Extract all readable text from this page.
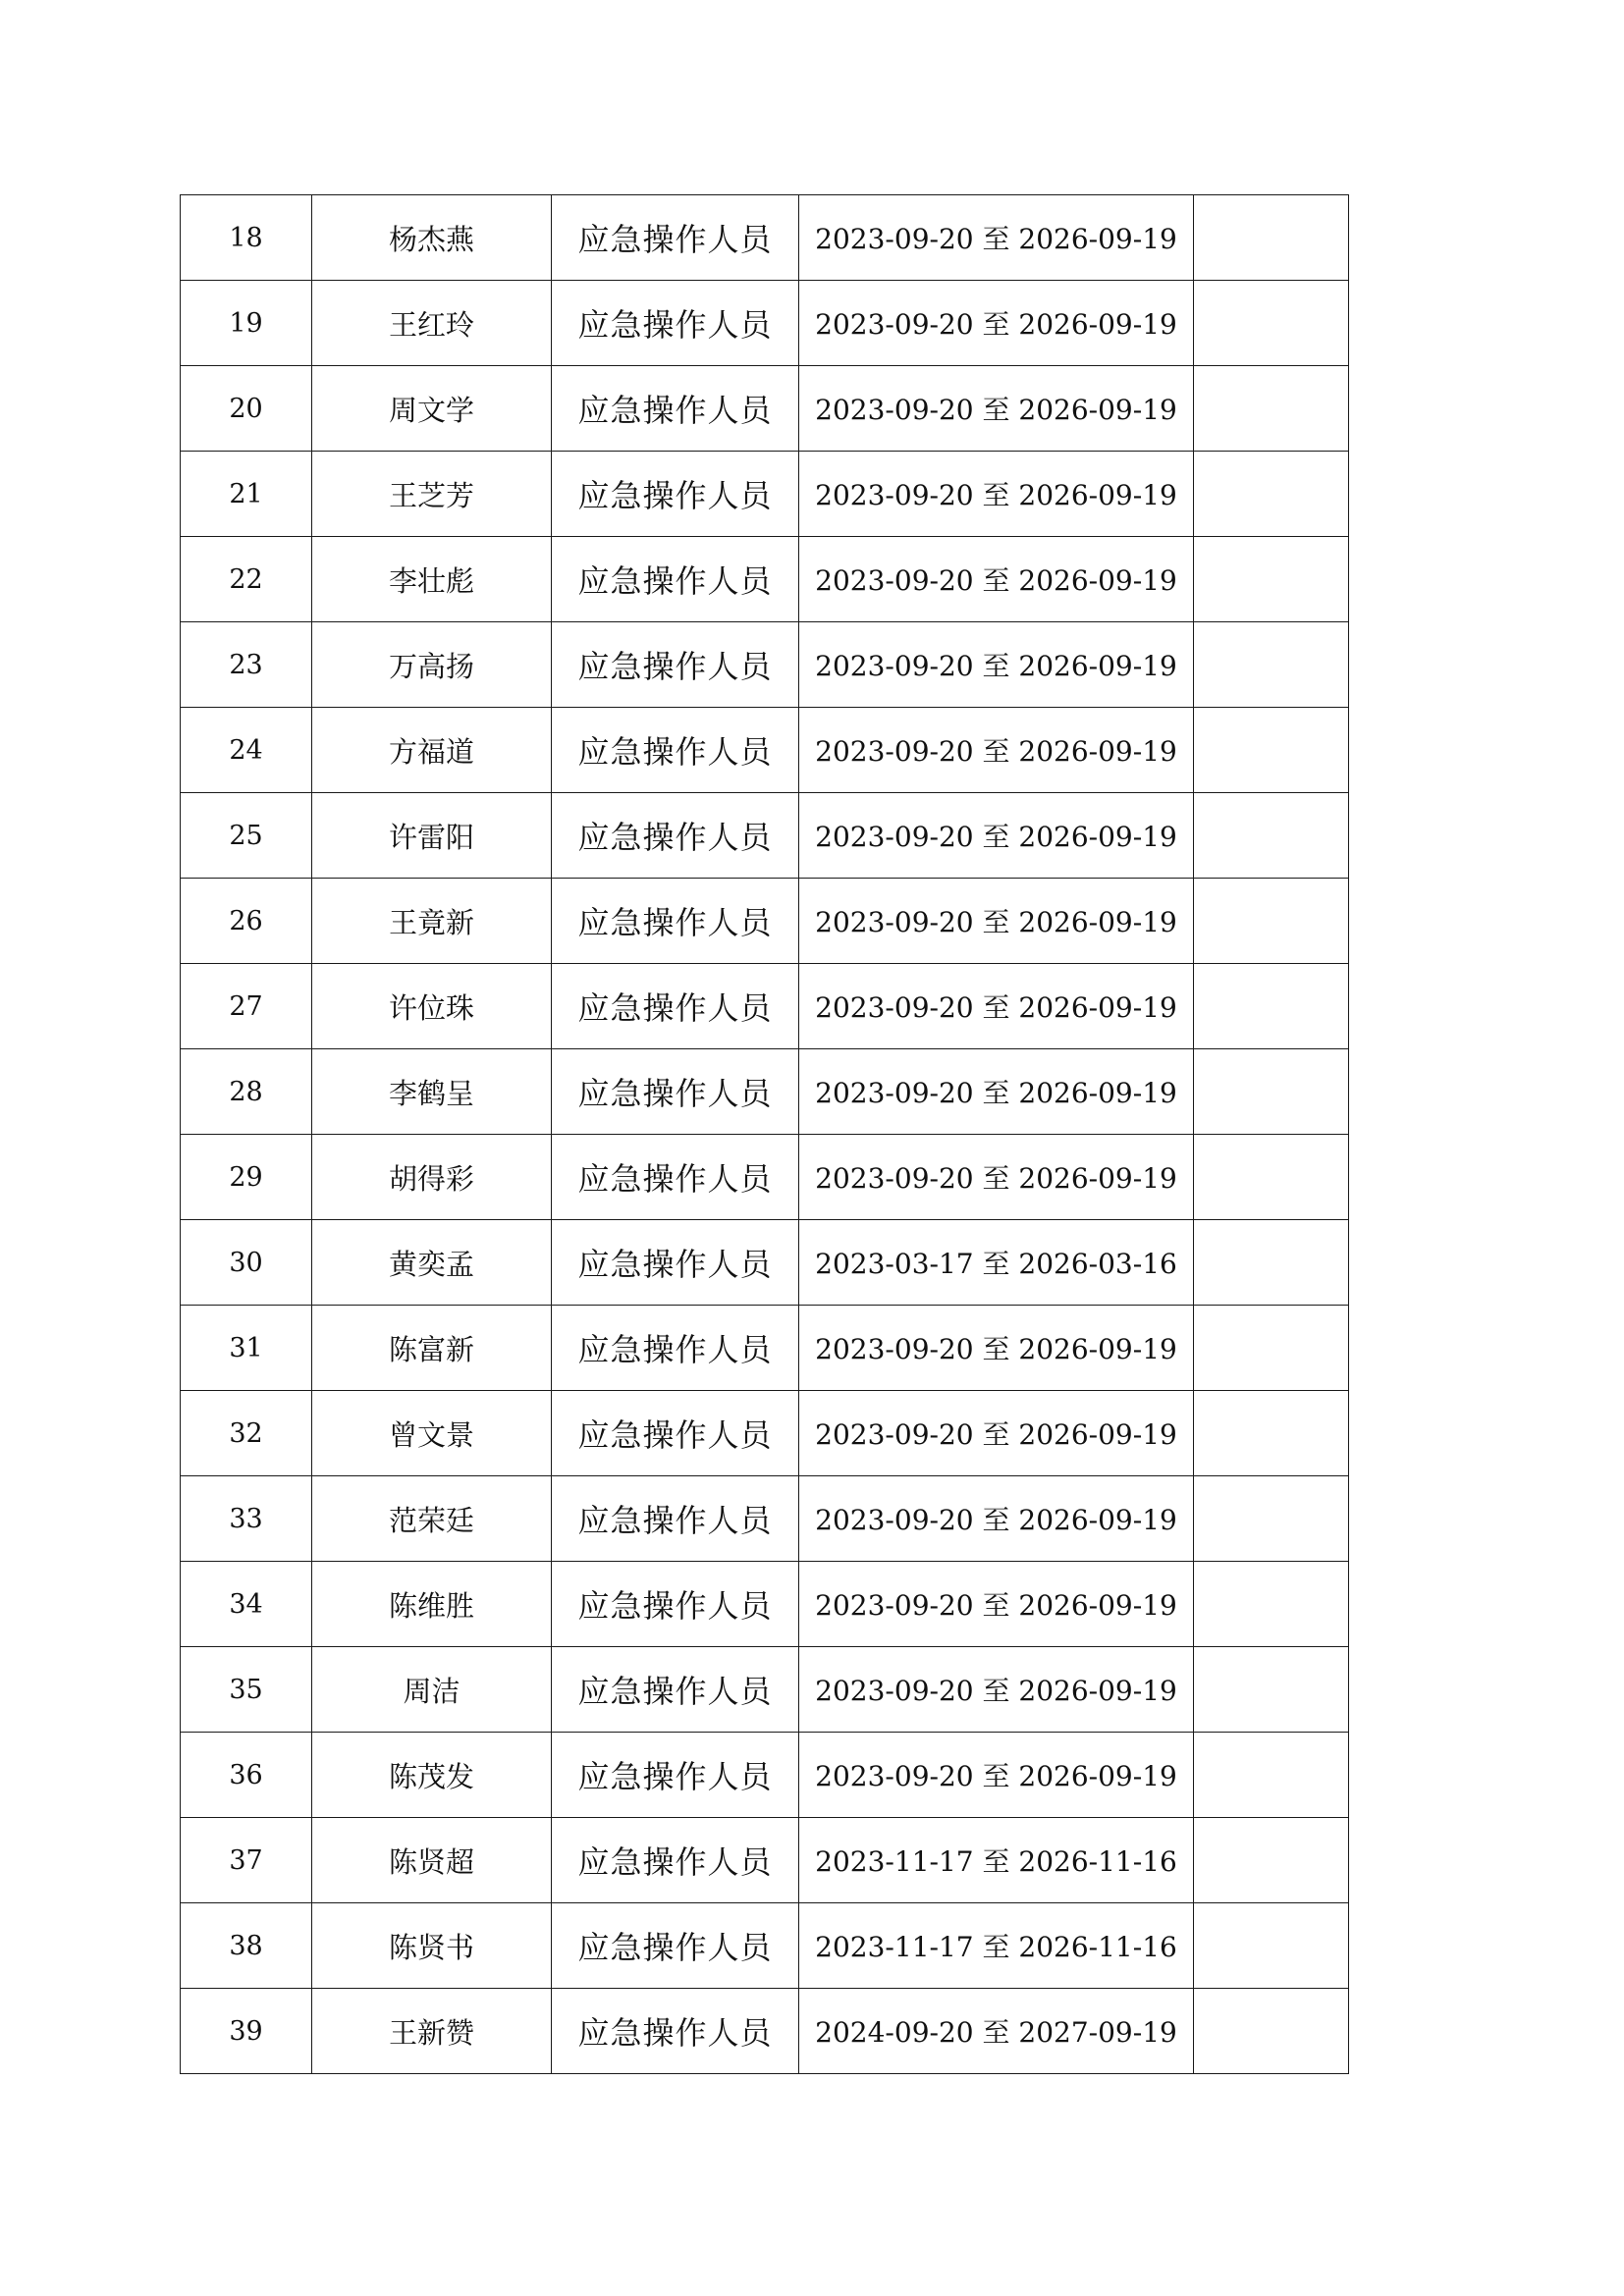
18	杨杰燕	应急操作人员	2023-09-20 至 2026-09-19	
19	王红玲	应急操作人员	2023-09-20 至 2026-09-19	
20	周文学	应急操作人员	2023-09-20 至 2026-09-19	
21	王芝芳	应急操作人员	2023-09-20 至 2026-09-19	
22	李壮彪	应急操作人员	2023-09-20 至 2026-09-19	
23	万高扬	应急操作人员	2023-09-20 至 2026-09-19	
24	方福道	应急操作人员	2023-09-20 至 2026-09-19	
25	许雷阳	应急操作人员	2023-09-20 至 2026-09-19	
26	王竟新	应急操作人员	2023-09-20 至 2026-09-19	
27	许位珠	应急操作人员	2023-09-20 至 2026-09-19	
28	李鹤呈	应急操作人员	2023-09-20 至 2026-09-19	
29	胡得彩	应急操作人员	2023-09-20 至 2026-09-19	
30	黄奕孟	应急操作人员	2023-03-17 至 2026-03-16	
31	陈富新	应急操作人员	2023-09-20 至 2026-09-19	
32	曾文景	应急操作人员	2023-09-20 至 2026-09-19	
33	范荣廷	应急操作人员	2023-09-20 至 2026-09-19	
34	陈维胜	应急操作人员	2023-09-20 至 2026-09-19	
35	周洁	应急操作人员	2023-09-20 至 2026-09-19	
36	陈茂发	应急操作人员	2023-09-20 至 2026-09-19	
37	陈贤超	应急操作人员	2023-11-17 至 2026-11-16	
38	陈贤书	应急操作人员	2023-11-17 至 2026-11-16	
39	王新赞	应急操作人员	2024-09-20 至 2027-09-19	
